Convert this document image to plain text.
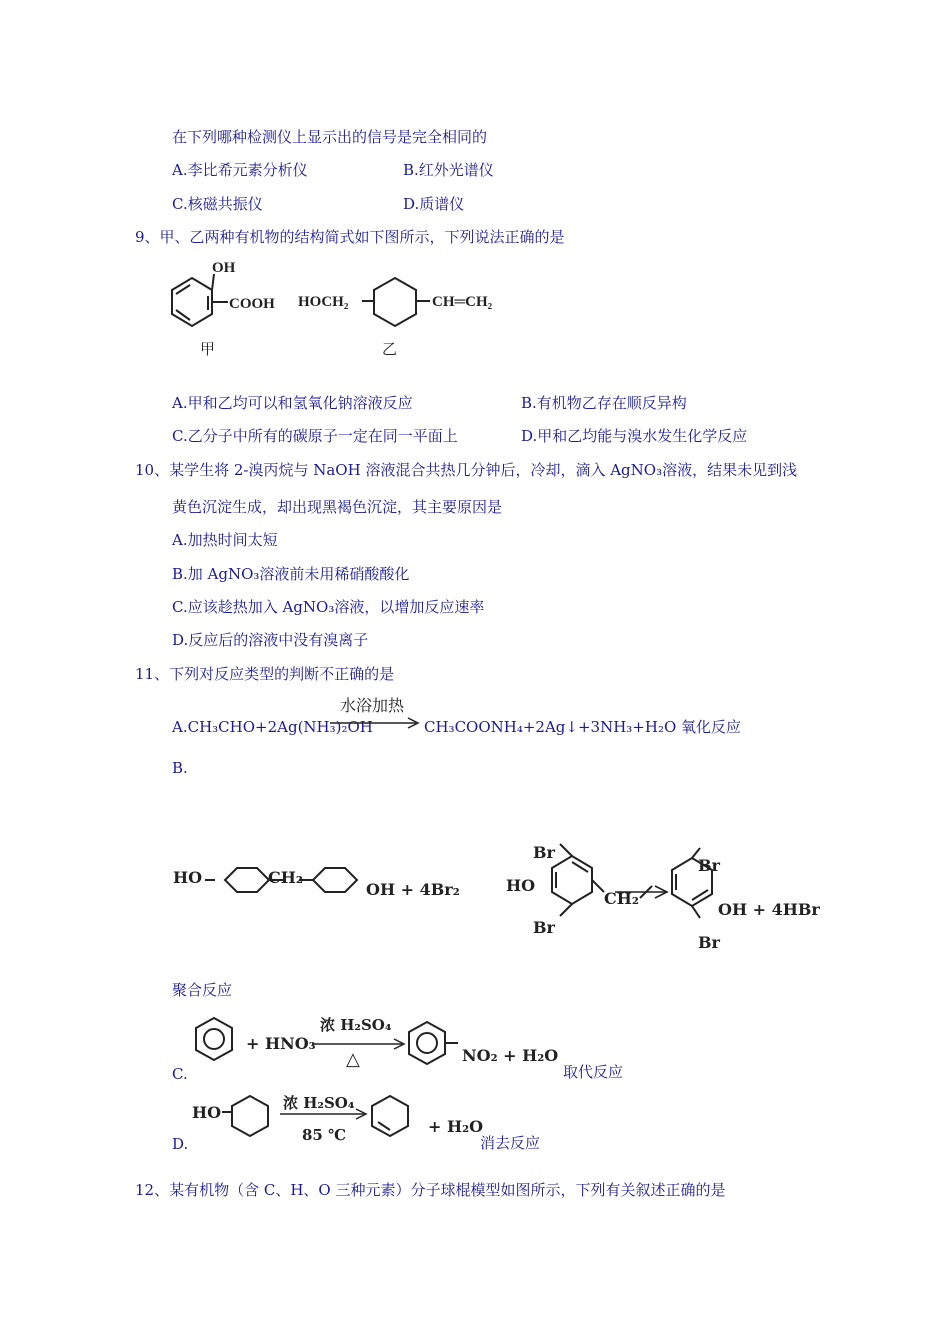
在下列哪种检测仪上显示出的信号是完全相同的
A.李比希元素分析仪	B.红外光谱仪
C.核磁共振仪	D.质谱仪
9、甲、乙两种有机物的结构简式如下图所示，下列说法正确的是
OH
COOH
甲
HOCH₂	CH═CH₂
乙
A.甲和乙均可以和氢氧化钠溶液反应	B.有机物乙存在顺反异构
C.乙分子中所有的碳原子一定在同一平面上	D.甲和乙均能与溴水发生化学反应
10、某学生将 2-溴丙烷与 NaOH 溶液混合共热几分钟后，冷却，滴入 AgNO₃溶液，结果未见到浅
黄色沉淀生成，却出现黑褐色沉淀，其主要原因是
A.加热时间太短
B.加 AgNO₃溶液前未用稀硝酸酸化
C.应该趁热加入 AgNO₃溶液，以增加反应速率
D.反应后的溶液中没有溴离子
11、下列对反应类型的判断不正确的是
A.CH₃CHO+2Ag(NH₃)₂OH
水浴加热
CH₃COONH₄+2Ag↓+3NH₃+H₂O 氧化反应
B.
HO	CH₂
OH + 4Br₂
Br
HO
Br
CH₂
Br
OH + 4HBr
Br
聚合反应
+ HNO₃
浓 H₂SO₄
△	NO₂ + H₂O
C.	取代反应
HO	浓 H₂SO₄
85 ℃	+ H₂O
D.	消去反应
12、某有机物（含 C、H、O 三种元素）分子球棍模型如图所示，下列有关叙述正确的是
